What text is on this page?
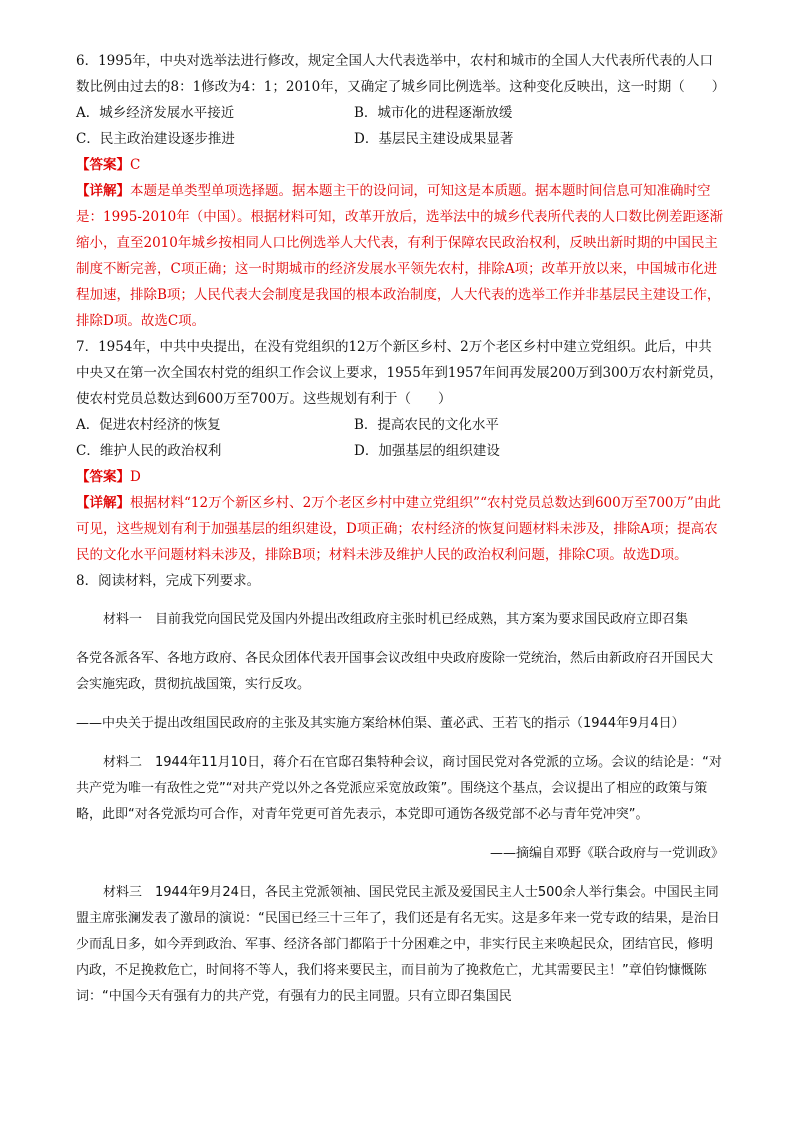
6．1995年，中央对选举法进行修改，规定全国人大代表选举中，农村和城市的全国人大代表所代表的人口数比例由过去的8：1修改为4：1；2010年，又确定了城乡同比例选举。这种变化反映出，这一时期（　　）

A．城乡经济发展水平接近	B．城市化的进程逐渐放缓
C．民主政治建设逐步推进	D．基层民主建设成果显著

【答案】C

【详解】本题是单类型单项选择题。据本题主干的设问词，可知这是本质题。据本题时间信息可知准确时空是：1995-2010年（中国）。根据材料可知，改革开放后，选举法中的城乡代表所代表的人口数比例差距逐渐缩小，直至2010年城乡按相同人口比例选举人大代表，有利于保障农民政治权利，反映出新时期的中国民主制度不断完善，C项正确；这一时期城市的经济发展水平领先农村，排除A项；改革开放以来，中国城市化进程加速，排除B项；人民代表大会制度是我国的根本政治制度，人大代表的选举工作并非基层民主建设工作，排除D项。故选C项。

7．1954年，中共中央提出，在没有党组织的12万个新区乡村、2万个老区乡村中建立党组织。此后，中共中央又在第一次全国农村党的组织工作会议上要求，1955年到1957年间再发展200万到300万农村新党员，使农村党员总数达到600万至700万。这些规划有利于（　　）

A．促进农村经济的恢复	B．提高农民的文化水平
C．维护人民的政治权利	D．加强基层的组织建设

【答案】D

【详解】根据材料“12万个新区乡村、2万个老区乡村中建立党组织”“农村党员总数达到600万至700万”由此可见，这些规划有利于加强基层的组织建设，D项正确；农村经济的恢复问题材料未涉及，排除A项；提高农民的文化水平问题材料未涉及，排除B项；材料未涉及维护人民的政治权利问题，排除C项。故选D项。

8．阅读材料，完成下列要求。

材料一　目前我党向国民党及国内外提出改组政府主张时机已经成熟，其方案为要求国民政府立即召集

各党各派各军、各地方政府、各民众团体代表开国事会议改组中央政府废除一党统治，然后由新政府召开国民大会实施宪政，贯彻抗战国策，实行反攻。

——中央关于提出改组国民政府的主张及其实施方案给林伯渠、董必武、王若飞的指示（1944年9月4日）

材料二　1944年11月10日，蒋介石在官邸召集特种会议，商讨国民党对各党派的立场。会议的结论是：“对共产党为唯一有敌性之党”“对共产党以外之各党派应采宽放政策”。围绕这个基点，会议提出了相应的政策与策略，此即“对各党派均可合作，对青年党更可首先表示，本党即可通饬各级党部不必与青年党冲突”。

——摘编自邓野《联合政府与一党训政》

材料三　1944年9月24日，各民主党派领袖、国民党民主派及爱国民主人士500余人举行集会。中国民主同盟主席张澜发表了激昂的演说：“民国已经三十三年了，我们还是有名无实。这是多年来一党专政的结果，是治日少而乱日多，如今弄到政治、军事、经济各部门都陷于十分困难之中，非实行民主来唤起民众，团结官民，修明内政，不足挽救危亡，时间将不等人，我们将来要民主，而目前为了挽救危亡，尤其需要民主！”章伯钧慷慨陈词：“中国今天有强有力的共产党，有强有力的民主同盟。只有立即召集国民
